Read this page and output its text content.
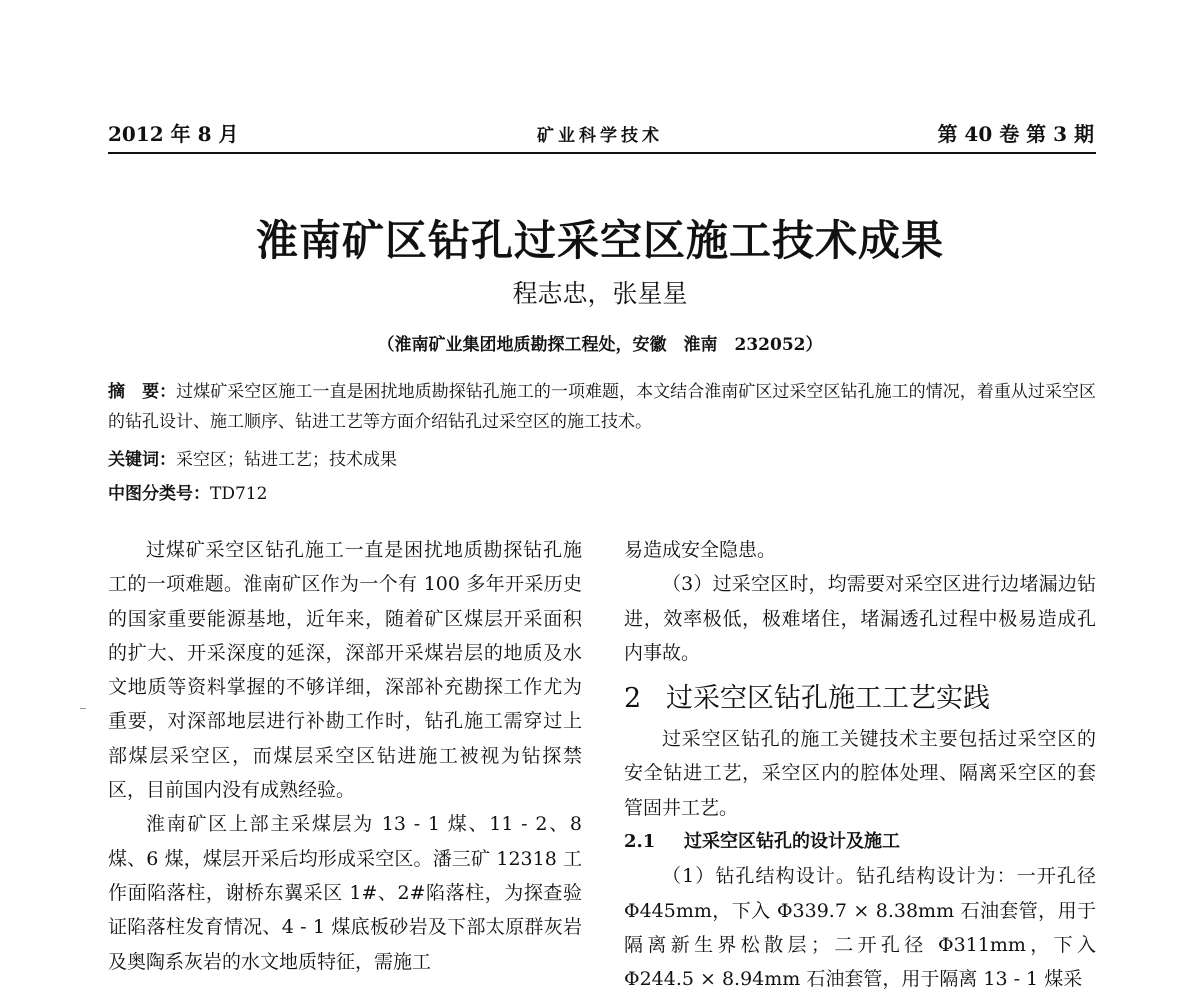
2012 年 8 月	矿业科学技术	第 40 卷 第 3 期
淮南矿区钻孔过采空区施工技术成果
程志忠，张星星
（淮南矿业集团地质勘探工程处，安徽　淮南　232052）
摘　要：过煤矿采空区施工一直是困扰地质勘探钻孔施工的一项难题，本文结合淮南矿区过采空区钻孔施工的情况，着重从过采空区的钻孔设计、施工顺序、钻进工艺等方面介绍钻孔过采空区的施工技术。
关键词：采空区；钻进工艺；技术成果
中图分类号：TD712

过煤矿采空区钻孔施工一直是困扰地质勘探钻孔施工的一项难题。淮南矿区作为一个有 100 多年开采历史的国家重要能源基地，近年来，随着矿区煤层开采面积的扩大、开采深度的延深，深部开采煤岩层的地质及水文地质等资料掌握的不够详细，深部补充勘探工作尤为重要，对深部地层进行补勘工作时，钻孔施工需穿过上部煤层采空区，而煤层采空区钻进施工被视为钻探禁区，目前国内没有成熟经验。

淮南矿区上部主采煤层为 13 - 1 煤、11 - 2、8 煤、6 煤，煤层开采后均形成采空区。潘三矿 12318 工作面陷落柱，谢桥东翼采区 1#、2#陷落柱，为探查验证陷落柱发育情况、4 - 1 煤底板砂岩及下部太原群灰岩及奥陶系灰岩的水文地质特征，需施工

易造成安全隐患。

（3）过采空区时，均需要对采空区进行边堵漏边钻进，效率极低，极难堵住，堵漏透孔过程中极易造成孔内事故。

2 过采空区钻孔施工工艺实践

过采空区钻孔的施工关键技术主要包括过采空区的安全钻进工艺，采空区内的腔体处理、隔离采空区的套管固井工艺。

2.1 过采空区钻孔的设计及施工

（1）钻孔结构设计。钻孔结构设计为：一开孔径 Φ445mm，下入 Φ339.7 × 8.38mm 石油套管，用于隔离新生界松散层；二开孔径 Φ311mm，下入 Φ244.5 × 8.94mm 石油套管，用于隔离 13 - 1 煤采
